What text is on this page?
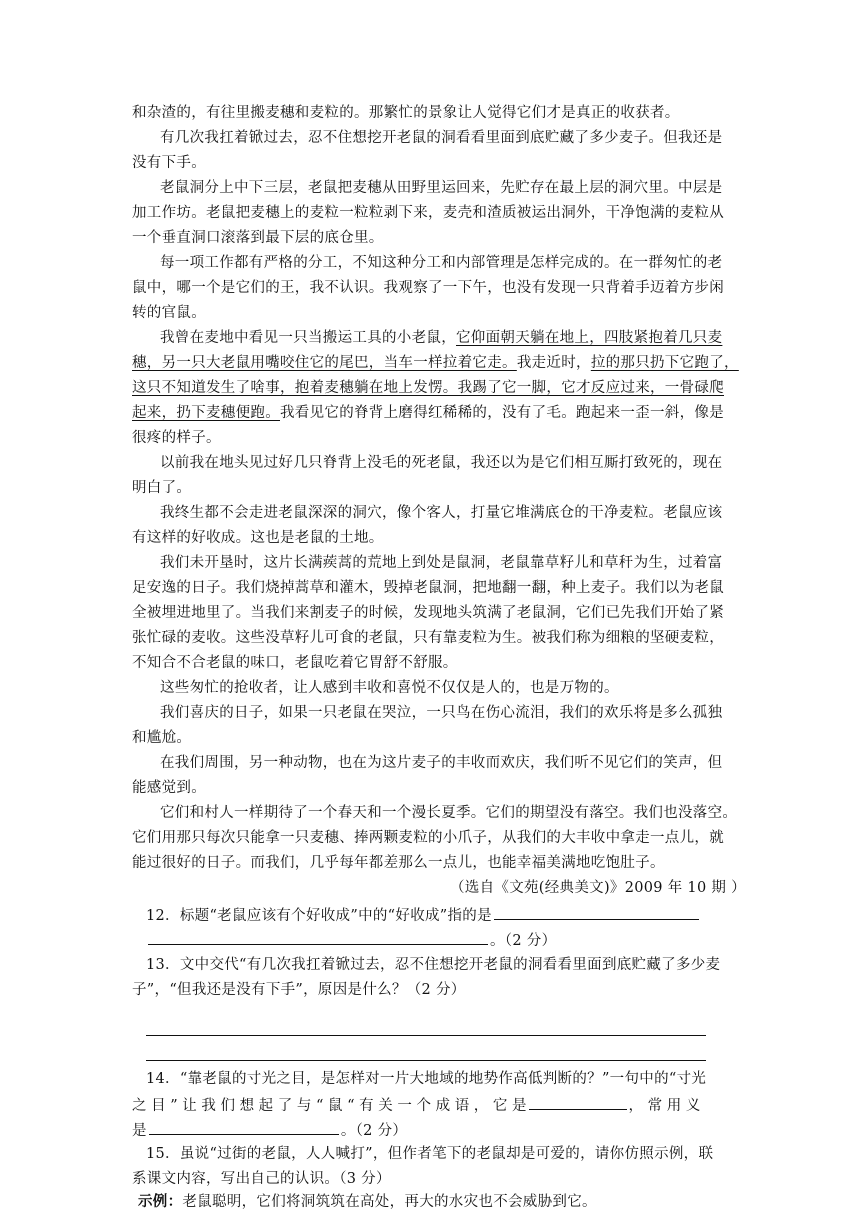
和杂渣的，有往里搬麦穗和麦粒的。那繁忙的景象让人觉得它们才是真正的收获者。
有几次我扛着锨过去，忍不住想挖开老鼠的洞看看里面到底贮藏了多少麦子。但我还是
没有下手。
老鼠洞分上中下三层，老鼠把麦穗从田野里运回来，先贮存在最上层的洞穴里。中层是
加工作坊。老鼠把麦穗上的麦粒一粒粒剥下来，麦壳和渣质被运出洞外，干净饱满的麦粒从
一个垂直洞口滚落到最下层的底仓里。
每一项工作都有严格的分工，不知这种分工和内部管理是怎样完成的。在一群匆忙的老
鼠中，哪一个是它们的王，我不认识。我观察了一下午，也没有发现一只背着手迈着方步闲
转的官鼠。
我曾在麦地中看见一只当搬运工具的小老鼠，它仰面朝天躺在地上，四肢紧抱着几只麦
穗，另一只大老鼠用嘴咬住它的尾巴，当车一样拉着它走。我走近时，拉的那只扔下它跑了，
这只不知道发生了啥事，抱着麦穗躺在地上发愣。我踢了它一脚，它才反应过来，一骨碌爬
起来，扔下麦穗便跑。我看见它的脊背上磨得红稀稀的，没有了毛。跑起来一歪一斜，像是
很疼的样子。
以前我在地头见过好几只脊背上没毛的死老鼠，我还以为是它们相互厮打致死的，现在
明白了。
我终生都不会走进老鼠深深的洞穴，像个客人，打量它堆满底仓的干净麦粒。老鼠应该
有这样的好收成。这也是老鼠的土地。
我们未开垦时，这片长满蒺蒿的荒地上到处是鼠洞，老鼠靠草籽儿和草秆为生，过着富
足安逸的日子。我们烧掉蒿草和灌木，毁掉老鼠洞，把地翻一翻，种上麦子。我们以为老鼠
全被埋进地里了。当我们来割麦子的时候，发现地头筑满了老鼠洞，它们已先我们开始了紧
张忙碌的麦收。这些没草籽儿可食的老鼠，只有靠麦粒为生。被我们称为细粮的坚硬麦粒，
不知合不合老鼠的味口，老鼠吃着它胃舒不舒服。
这些匆忙的抢收者，让人感到丰收和喜悦不仅仅是人的，也是万物的。
我们喜庆的日子，如果一只老鼠在哭泣，一只鸟在伤心流泪，我们的欢乐将是多么孤独
和尴尬。
在我们周围，另一种动物，也在为这片麦子的丰收而欢庆，我们听不见它们的笑声，但
能感觉到。
它们和村人一样期待了一个春天和一个漫长夏季。它们的期望没有落空。我们也没落空。
它们用那只每次只能拿一只麦穗、捧两颗麦粒的小爪子，从我们的大丰收中拿走一点儿，就
能过很好的日子。而我们，几乎每年都差那么一点儿，也能幸福美满地吃饱肚子。
（选自《文苑(经典美文)》2009 年 10 期 ）
12．标题“老鼠应该有个好收成”中的“好收成”指的是
。（2 分）
13．文中交代“有几次我扛着锨过去，忍不住想挖开老鼠的洞看看里面到底贮藏了多少麦
子”，“但我还是没有下手”，原因是什么？（2 分）
14．“靠老鼠的寸光之目，是怎样对一片大地域的地势作高低判断的？”一句中的“寸光
之 目 ” 让 我 们 想 起 了 与 “ 鼠 “ 有 关 一 个 成 语 ， 它 是	， 常 用 义
是	。（2 分）
15．虽说“过街的老鼠，人人喊打”，但作者笔下的老鼠却是可爱的，请你仿照示例，联
系课文内容，写出自己的认识。（3 分）
示例：老鼠聪明，它们将洞筑筑在高处，再大的水灾也不会威胁到它。
